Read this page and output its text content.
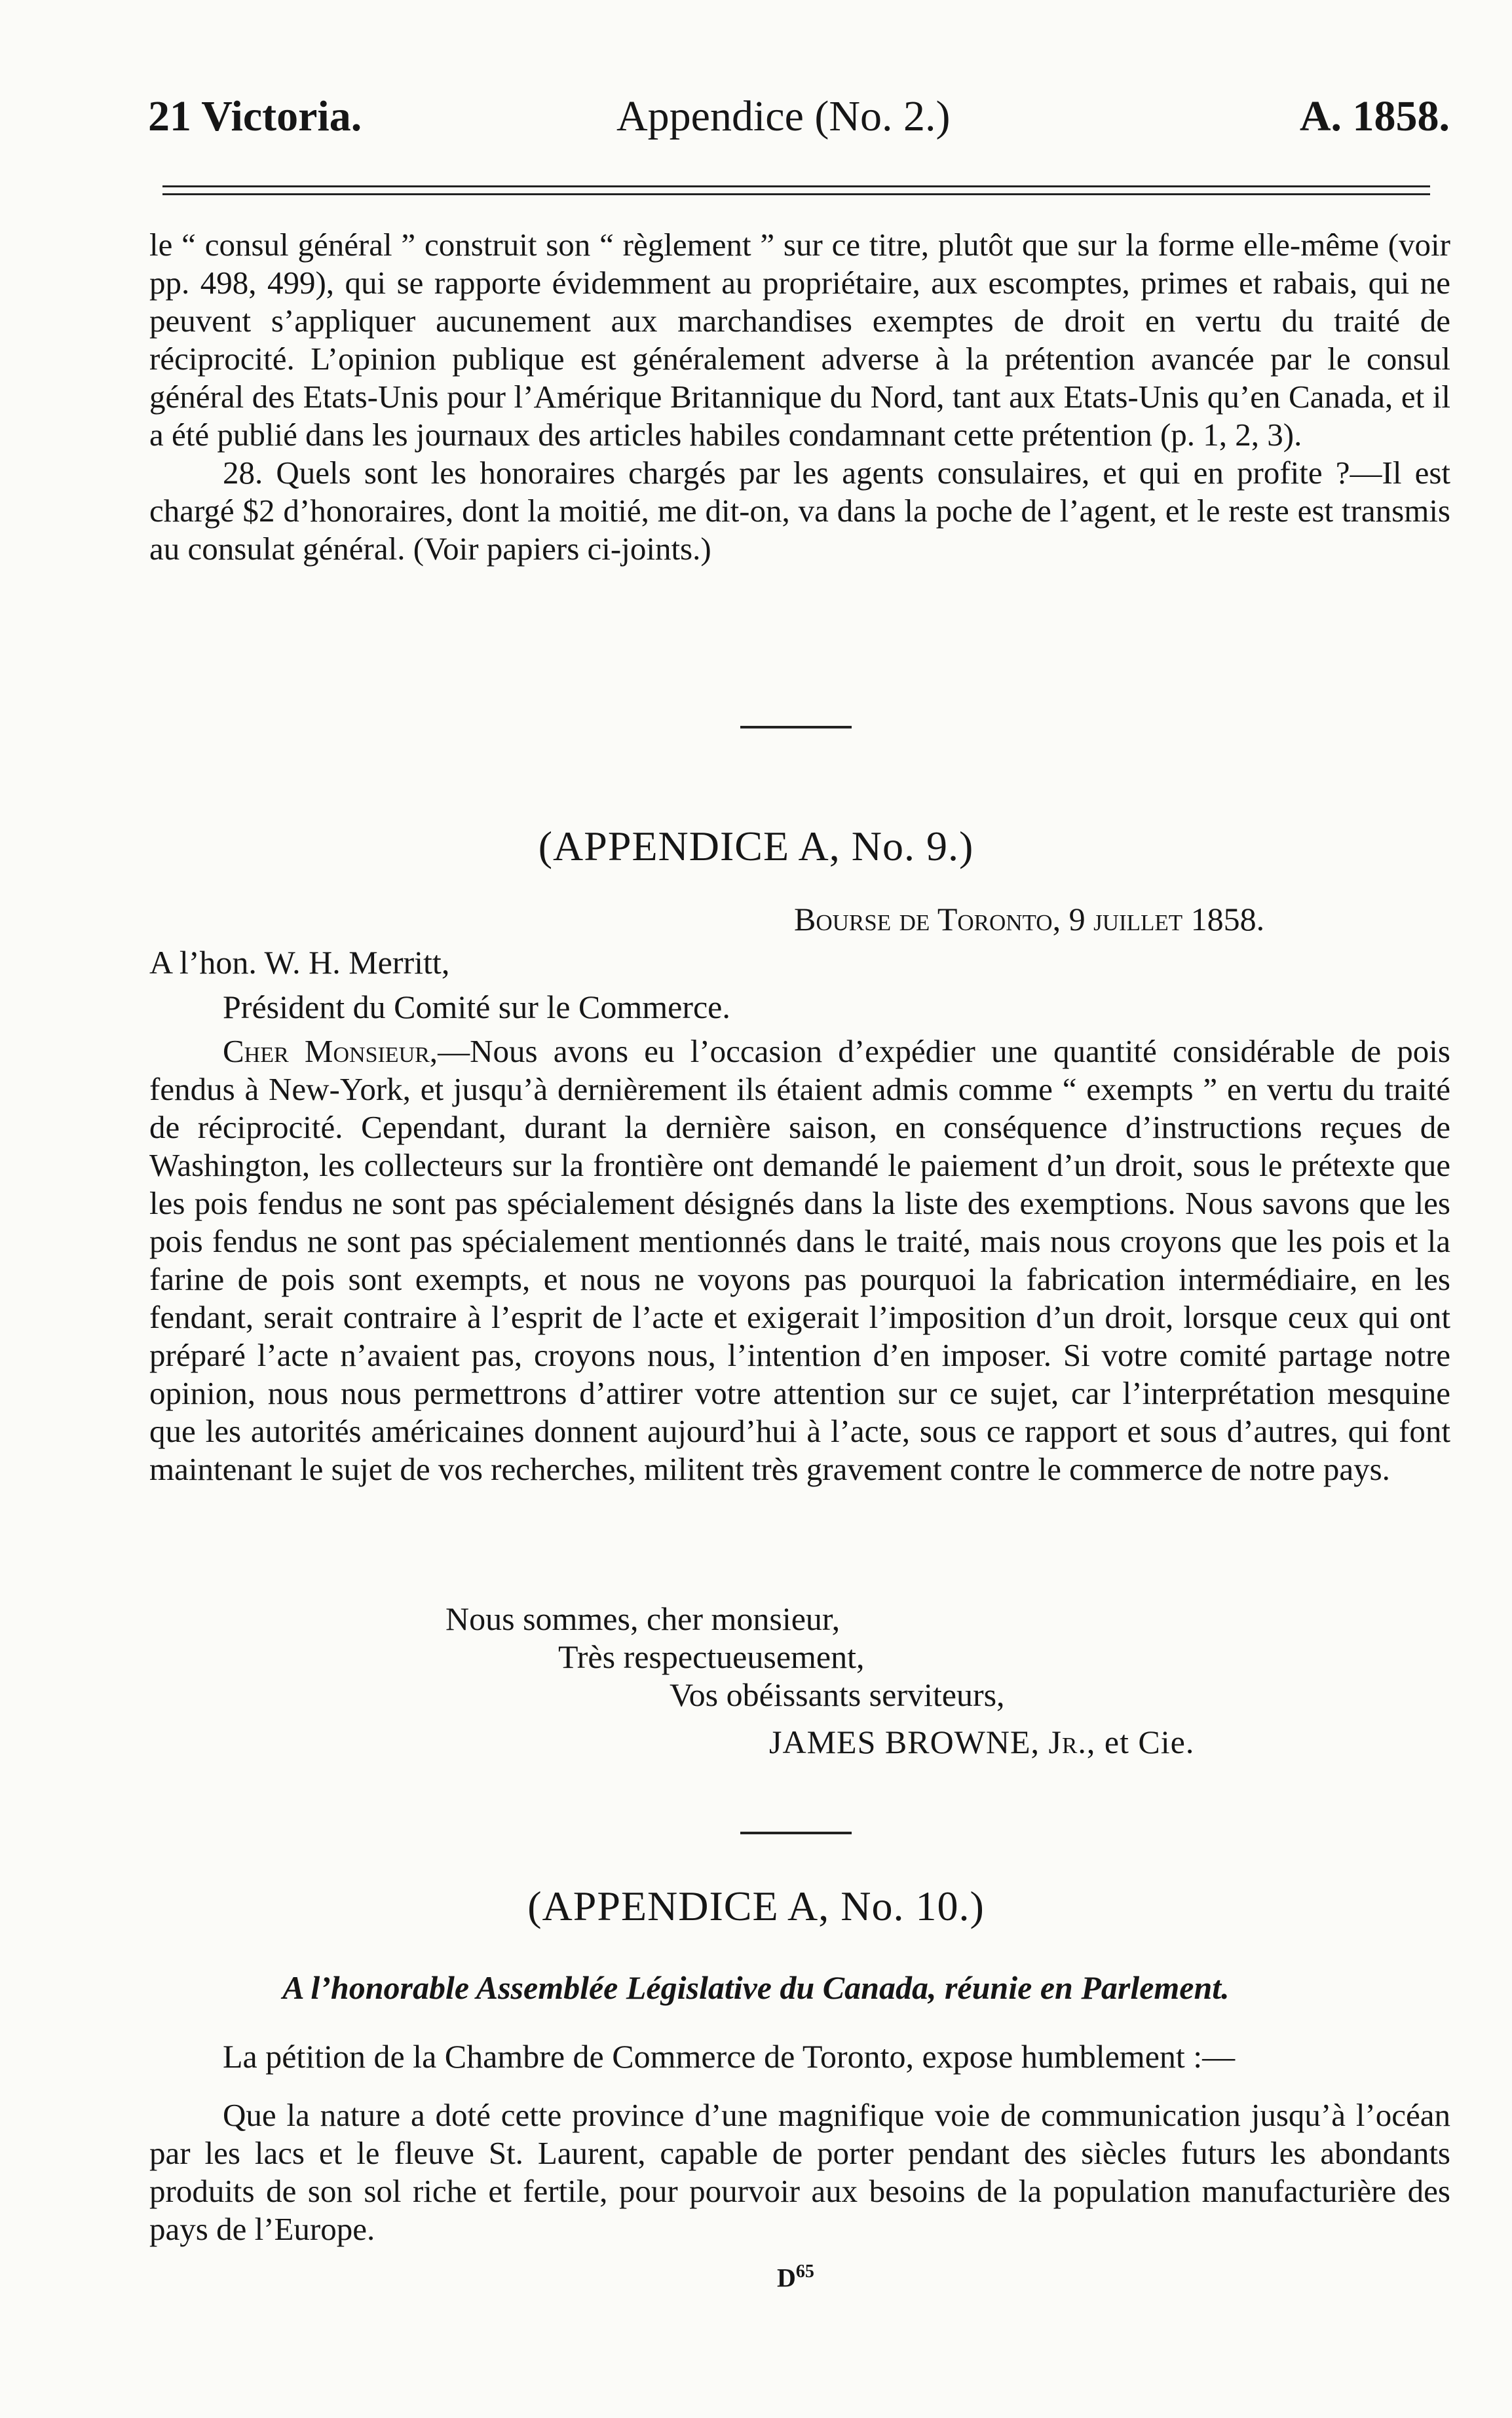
21 Victoria.	Appendice (No. 2.)	A. 1858.

le “ consul général ” construit son “ règlement ” sur ce titre, plutôt que sur la forme elle-même (voir pp. 498, 499), qui se rapporte évidemment au propriétaire, aux escomptes, primes et rabais, qui ne peuvent s’appliquer aucunement aux marchandises exemptes de droit en vertu du traité de réciprocité. L’opinion publique est généralement adverse à la prétention avancée par le consul général des Etats-Unis pour l’Amérique Britannique du Nord, tant aux Etats-Unis qu’en Canada, et il a été publié dans les journaux des articles habiles condamnant cette prétention (p. 1, 2, 3).

28. Quels sont les honoraires chargés par les agents consulaires, et qui en profite ?—Il est chargé $2 d’honoraires, dont la moitié, me dit-on, va dans la poche de l’agent, et le reste est transmis au consulat général. (Voir papiers ci-joints.)

(APPENDICE A, No. 9.)
Bourse de Toronto, 9 juillet 1858.
A l’hon. W. H. Merritt,
Président du Comité sur le Commerce.

Cher Monsieur,—Nous avons eu l’occasion d’expédier une quantité considérable de pois fendus à New-York, et jusqu’à dernièrement ils étaient admis comme “ exempts ” en vertu du traité de réciprocité. Cependant, durant la dernière saison, en conséquence d’instructions reçues de Washington, les collecteurs sur la frontière ont demandé le paiement d’un droit, sous le prétexte que les pois fendus ne sont pas spécialement désignés dans la liste des exemptions. Nous savons que les pois fendus ne sont pas spécialement mentionnés dans le traité, mais nous croyons que les pois et la farine de pois sont exempts, et nous ne voyons pas pourquoi la fabrication intermédiaire, en les fendant, serait contraire à l’esprit de l’acte et exigerait l’imposition d’un droit, lorsque ceux qui ont préparé l’acte n’avaient pas, croyons nous, l’intention d’en imposer. Si votre comité partage notre opinion, nous nous permettrons d’attirer votre attention sur ce sujet, car l’interprétation mesquine que les autorités américaines donnent aujourd’hui à l’acte, sous ce rapport et sous d’autres, qui font maintenant le sujet de vos recherches, militent très gravement contre le commerce de notre pays.

Nous sommes, cher monsieur,
Très respectueusement,
Vos obéissants serviteurs,
JAMES BROWNE, Jr., et Cie.
(APPENDICE A, No. 10.)
A l’honorable Assemblée Législative du Canada, réunie en Parlement.
La pétition de la Chambre de Commerce de Toronto, expose humblement :—

Que la nature a doté cette province d’une magnifique voie de communication jusqu’à l’océan par les lacs et le fleuve St. Laurent, capable de porter pendant des siècles futurs les abondants produits de son sol riche et fertile, pour pourvoir aux besoins de la population manufacturière des pays de l’Europe.

$D^{65}$
